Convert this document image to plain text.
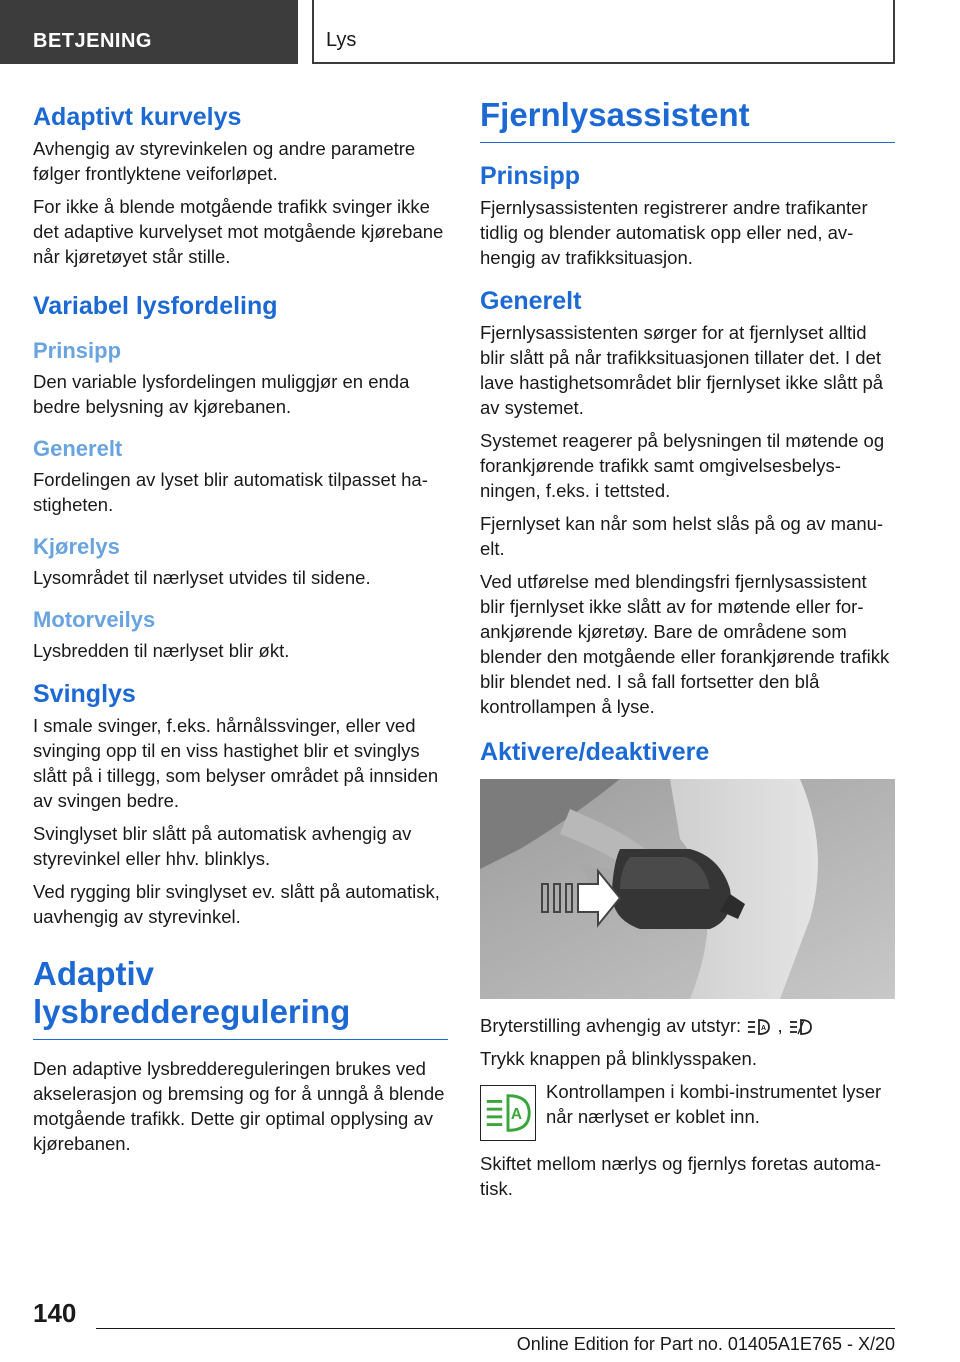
BETJENING	Lys
Adaptivt kurvelys

Avhengig av styrevinkelen og andre parametre følger frontlyktene veiforløpet.

For ikke å blende motgående trafikk svinger ikke det adaptive kurvelyset mot motgående kjørebane når kjøretøyet står stille.

Variabel lysfordeling
Prinsipp

Den variable lysfordelingen muliggjør en enda bedre belysning av kjørebanen.

Generelt

Fordelingen av lyset blir automatisk tilpasset hastigheten.

Kjørelys

Lysområdet til nærlyset utvides til sidene.

Motorveilys

Lysbredden til nærlyset blir økt.

Svinglys

I smale svinger, f.eks. hårnålssvinger, eller ved svinging opp til en viss hastighet blir et svinglys slått på i tillegg, som belyser området på innsiden av svingen bedre.

Svinglyset blir slått på automatisk avhengig av styrevinkel eller hhv. blinklys.

Ved rygging blir svinglyset ev. slått på automatisk, uavhengig av styrevinkel.

Adaptiv
lysbredderegulering

Den adaptive lysbreddereguleringen brukes ved akselerasjon og bremsing og for å unngå å blende motgående trafikk. Dette gir optimal opplysing av kjørebanen.

Fjernlysassistent
Prinsipp

Fjernlysassistenten registrerer andre trafikanter tidlig og blender automatisk opp eller ned, avhengig av trafikksituasjon.

Generelt

Fjernlysassistenten sørger for at fjernlyset alltid blir slått på når trafikksituasjonen tillater det. I det lave hastighetsområdet blir fjernlyset ikke slått på av systemet.

Systemet reagerer på belysningen til møtende og forankjørende trafikk samt omgivelsesbelysningen, f.eks. i tettsted.

Fjernlyset kan når som helst slås på og av manuelt.

Ved utførelse med blendingsfri fjernlysassistent blir fjernlyset ikke slått av for møtende eller forankjørende kjøretøy. Bare de områdene som blender den motgående eller forankjørende trafikk blir blendet ned. I så fall fortsetter den blå kontrollampen å lyse.

Aktivere/deaktivere

Bryterstilling avhengig av utstyr:	A ,

Trykk knappen på blinklysspaken.

A

Kontrollampen i kombi-instrumentet lyser når nærlyset er koblet inn.

Skiftet mellom nærlys og fjernlys foretas automatisk.

140
Online Edition for Part no. 01405A1E765 - X/20
